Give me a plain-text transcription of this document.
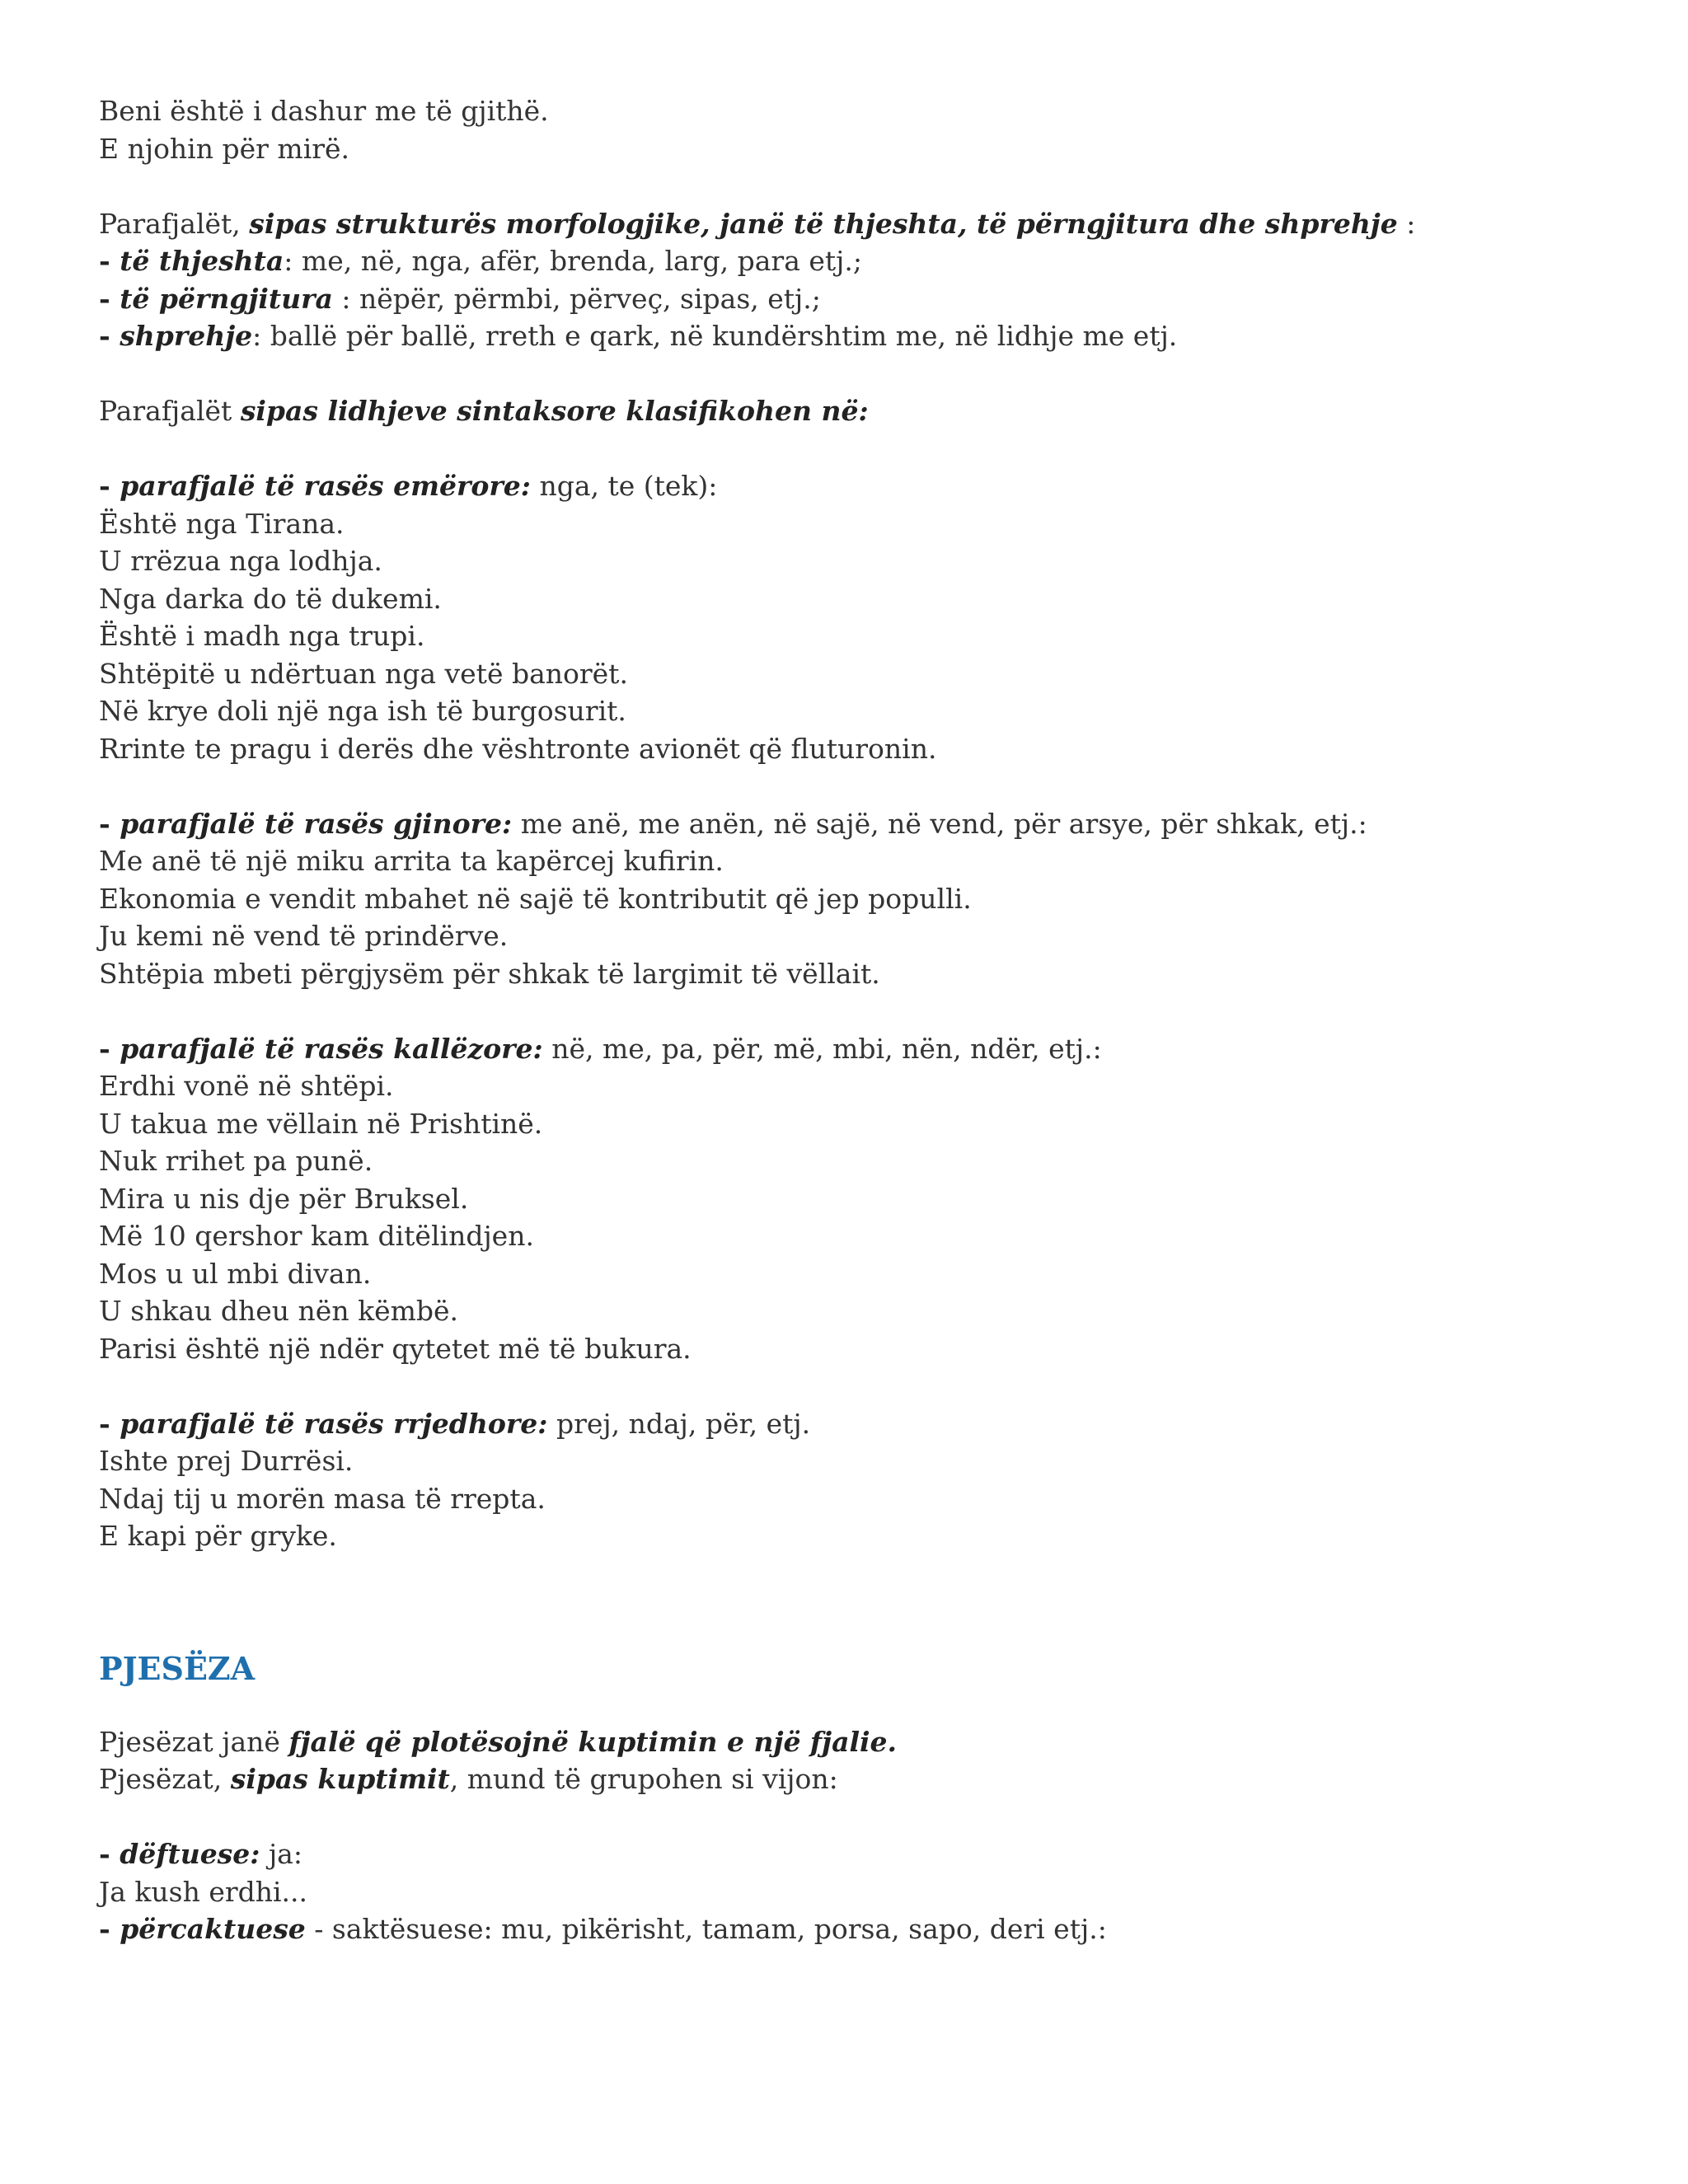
Beni është i dashur me të gjithë.
E njohin për mirë.
Parafjalët, sipas strukturës morfologjike, janë të thjeshta, të përngjitura dhe shprehje :
- të thjeshta: me, në, nga, afër, brenda, larg, para etj.;
- të përngjitura : nëpër, përmbi, përveç, sipas, etj.;
- shprehje: ballë për ballë, rreth e qark, në kundërshtim me, në lidhje me etj.
Parafjalët sipas lidhjeve sintaksore klasifikohen në:
- parafjalë të rasës emërore: nga, te (tek):
Është nga Tirana.
U rrëzua nga lodhja.
Nga darka do të dukemi.
Është i madh nga trupi.
Shtëpitë u ndërtuan nga vetë banorët.
Në krye doli një nga ish të burgosurit.
Rrinte te pragu i derës dhe vështronte avionët që fluturonin.
- parafjalë të rasës gjinore: me anë, me anën, në sajë, në vend, për arsye, për shkak, etj.:
Me anë të një miku arrita ta kapërcej kufirin.
Ekonomia e vendit mbahet në sajë të kontributit që jep populli.
Ju kemi në vend të prindërve.
Shtëpia mbeti përgjysëm për shkak të largimit të vëllait.
- parafjalë të rasës kallëzore: në, me, pa, për, më, mbi, nën, ndër, etj.:
Erdhi vonë në shtëpi.
U takua me vëllain në Prishtinë.
Nuk rrihet pa punë.
Mira u nis dje për Bruksel.
Më 10 qershor kam ditëlindjen.
Mos u ul mbi divan.
U shkau dheu nën këmbë.
Parisi është një ndër qytetet më të bukura.
- parafjalë të rasës rrjedhore: prej, ndaj, për, etj.
Ishte prej Durrësi.
Ndaj tij u morën masa të rrepta.
E kapi për gryke.
PJESËZA
Pjesëzat janë fjalë që plotësojnë kuptimin e një fjalie.
Pjesëzat, sipas kuptimit, mund të grupohen si vijon:
- dëftuese: ja:
Ja kush erdhi...
- përcaktuese - saktësuese: mu, pikërisht, tamam, porsa, sapo, deri etj.:
